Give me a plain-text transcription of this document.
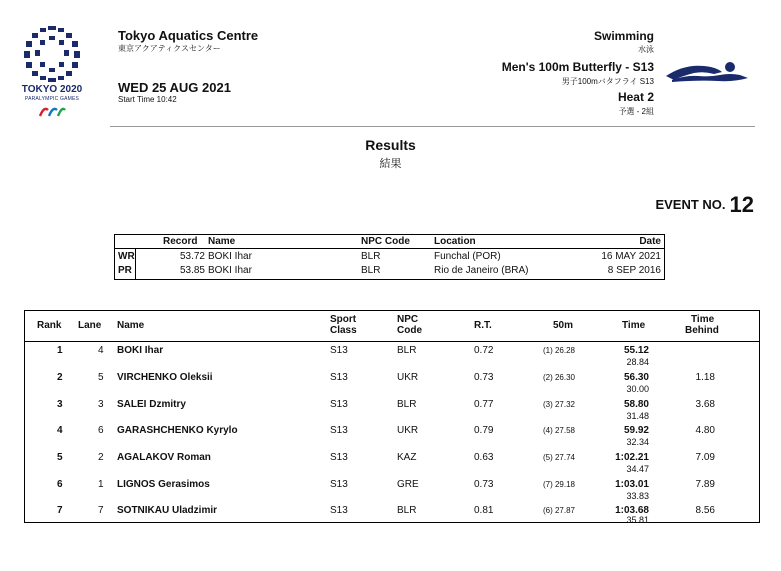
TOKYO 2020
PARALYMPIC GAMES
Tokyo Aquatics Centre
東京アクアティクスセンター
WED 25 AUG 2021
Start Time 10:42
Swimming
水泳
Men's 100m Butterfly - S13
男子100mバタフライ S13
Heat 2
予選 - 2組
Results
結果
EVENT NO. 12
Record Name	NPC Code Location	Date
WR	53.72 BOKI Ihar	BLR	Funchal (POR)	16 MAY 2021
PR	53.85 BOKI Ihar	BLR	Rio de Janeiro (BRA)	8 SEP 2016
Rank Lane Name
Sport
Class
NPC
Code	R.T.	50m	Time
Time
Behind
1	4 BOKI Ihar	S13	BLR	0.72	(1) 26.28	55.12
28.84
2	5 VIRCHENKO Oleksii	S13	UKR	0.73	(2) 26.30	56.30
30.00
1.18
3	3 SALEI Dzmitry	S13	BLR	0.77	(3) 27.32	58.80
31.48
3.68
4	6 GARASHCHENKO Kyrylo	S13	UKR	0.79	(4) 27.58	59.92
32.34
4.80
5	2 AGALAKOV Roman	S13	KAZ	0.63	(5) 27.74	1:02.21
34.47
7.09
6	1 LIGNOS Gerasimos	S13	GRE	0.73	(7) 29.18	1:03.01
33.83
7.89
7	7 SOTNIKAU Uladzimir	S13	BLR	0.81	(6) 27.87	1:03.68
35.81
8.56
